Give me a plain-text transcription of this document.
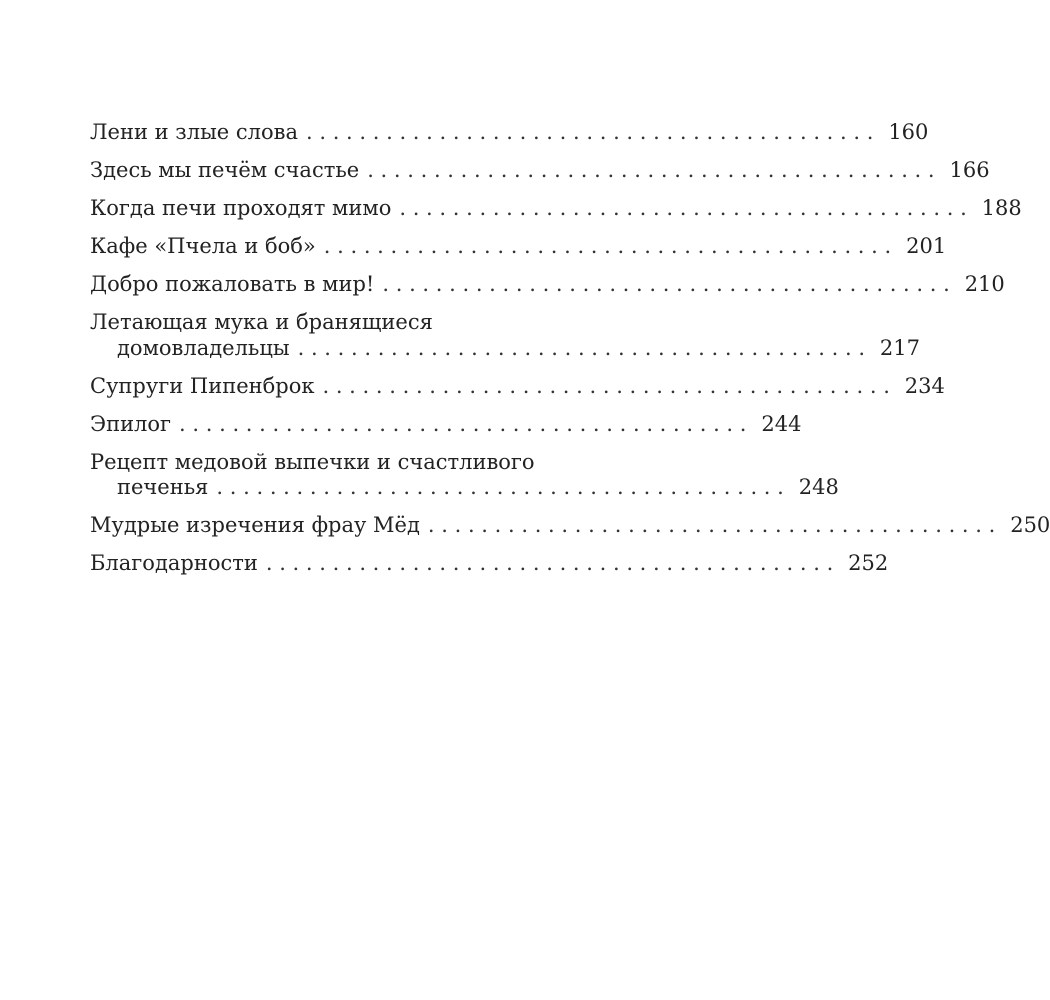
Лени и злые слова . . . . . . . . . . . . . . . . . . . . . . . . . . . . . . . . . . . . . . . . . . . 160
Здесь мы печём счастье . . . . . . . . . . . . . . . . . . . . . . . . . . . . . . . . . . . . . . . . . . . 166
Когда печи проходят мимо . . . . . . . . . . . . . . . . . . . . . . . . . . . . . . . . . . . . . . . . . . . 188
Кафе «Пчела и боб» . . . . . . . . . . . . . . . . . . . . . . . . . . . . . . . . . . . . . . . . . . . 201
Добро пожаловать в мир! . . . . . . . . . . . . . . . . . . . . . . . . . . . . . . . . . . . . . . . . . . . 210
Летающая мука и бранящиеся
домовладельцы . . . . . . . . . . . . . . . . . . . . . . . . . . . . . . . . . . . . . . . . . . . 217
Супруги Пипенброк . . . . . . . . . . . . . . . . . . . . . . . . . . . . . . . . . . . . . . . . . . . 234
Эпилог . . . . . . . . . . . . . . . . . . . . . . . . . . . . . . . . . . . . . . . . . . . 244
Рецепт медовой выпечки и счастливого
печенья . . . . . . . . . . . . . . . . . . . . . . . . . . . . . . . . . . . . . . . . . . . 248
Мудрые изречения фрау Мёд . . . . . . . . . . . . . . . . . . . . . . . . . . . . . . . . . . . . . . . . . . . 250
Благодарности . . . . . . . . . . . . . . . . . . . . . . . . . . . . . . . . . . . . . . . . . . . 252
